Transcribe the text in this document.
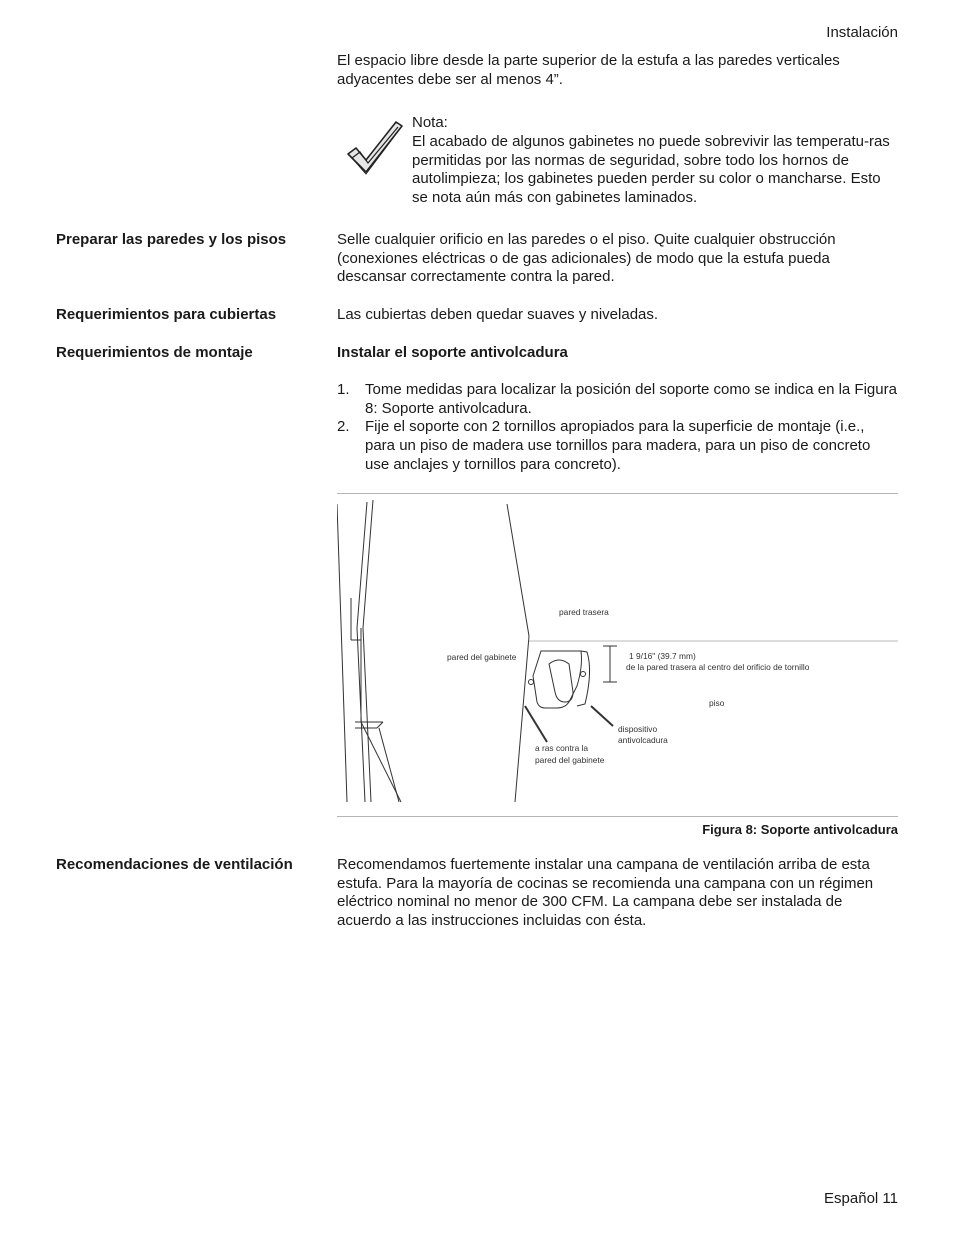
Instalación
El espacio libre desde la parte superior de la estufa a las paredes verticales adyacentes debe ser al menos 4”.
Nota:
El acabado de algunos gabinetes no puede sobrevivir las temperatu-ras permitidas por las normas de seguridad, sobre todo los hornos de autolimpieza; los gabinetes pueden perder su color o mancharse. Esto se nota aún más con gabinetes laminados.
Preparar las paredes y los pisos	Selle cualquier orificio en las paredes o el piso. Quite cualquier obstrucción (conexiones eléctricas o de gas adicionales) de modo que la estufa pueda descansar correctamente contra la pared.
Requerimientos para cubiertas	Las cubiertas deben quedar suaves y niveladas.
Requerimientos de montaje	Instalar el soporte antivolcadura
1. Tome medidas para localizar la posición del soporte como se indica en la Figura 8: Soporte antivolcadura.
2. Fije el soporte con 2 tornillos apropiados para la superficie de montaje (i.e., para un piso de madera use tornillos para madera, para un piso de concreto use anclajes y tornillos para concreto).
pared trasera
pared del gabinete	1 9/16" (39.7 mm)
de la pared trasera al centro del orificio de tornillo
piso
dispositivo
antivolcadura
a ras contra la
pared del gabinete
Figura 8: Soporte antivolcadura
Recomendaciones de ventilación	Recomendamos fuertemente instalar una campana de ventilación arriba de esta estufa. Para la mayoría de cocinas se recomienda una campana con un régimen eléctrico nominal no menor de 300 CFM. La campana debe ser instalada de acuerdo a las instrucciones incluidas con ésta.
Español 11
